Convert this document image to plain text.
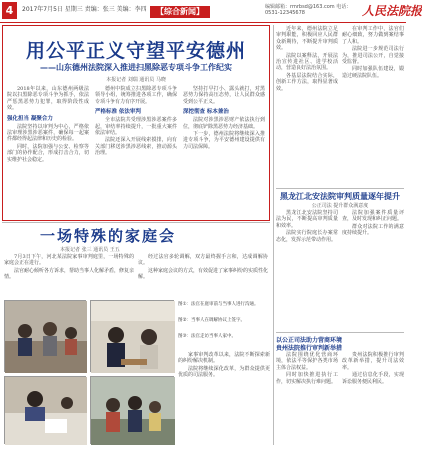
4	2017年7月5日 星期三 责编：张三 美编：李四	【综合新闻】	编辑邮箱：rmrbsd@163.com 电话：0531-12345678	人民法院报
用公平正义守望平安德州
——山东德州法院深入推进扫黑除恶专项斗争工作纪实
本报记者 刘瑞 通讯员 马晓

2018年以来，山东德州两级法院以扫黑除恶专项斗争为抓手，依法严惩黑恶势力犯罪，取得阶段性成效。

强化担当 凝聚合力

法院坚持以审判为中心，严格依法审理涉黑涉恶案件，确保每一起案件都经得起法律和历史的检验。

同时，法院加强与公安、检察等部门的协作配合，形成打击合力，切实维护社会稳定。

德州中院成立扫黑除恶专项斗争领导小组，统筹推进各项工作，确保专项斗争有力有序开展。

严格标准 依法审判

全市法院共受理涉黑涉恶案件多起，审结率持续提升，一批重大案件依法审结。

法院还深入开展线索摸排，向有关部门移送涉黑涉恶线索，推动源头治理。

坚持打早打小、露头就打，对黑恶势力保持高压态势，让人民群众感受到公平正义。

深挖彻查 标本兼治

法院对涉黑涉恶财产依法执行到位，彻底铲除黑恶势力经济基础。

下一步，德州法院将继续深入推进专项斗争，为平安德州建设提供有力司法保障。

近年来，德州法院立足审判职能，积极回应人民群众新期待，不断提升审判质效。

法院以案释法，开展法治宣传进社区、进学校活动，营造良好法治氛围。

各基层法院结合实际，创新工作方法，取得显著成效。

在审判工作中，法官们耐心细致，努力做到案结事了人和。

法院进一步规范司法行为，推进司法公开，自觉接受监督。

同时加强队伍建设，锻造过硬法院队伍。

黑龙江北安法院审判质量逐年提升
公正司法 提升群众满意度

黑龙江北安法院坚持司法为民，不断提高审判质量和效率。

法院实行院庭长办案常态化，发挥示范带动作用。

法院加强案件质量评查，及时发现和纠正问题。

群众对法院工作的满意度持续提升。

以公正司法助力营商环境
贵州法院推行审判新举措

法院围绕优化营商环境，依法平等保护各类市场主体合法权益。

同时加快推进执行工作，切实解决执行难问题。

贵州法院积极推行审判改革新举措，提升司法效率。

通过信息化手段，实现诉讼服务便民利民。

一场特殊的家庭会
本报记者 张三 通讯员 王五

7月3日下午，河北某法院家事审判庭里，一场特殊的家庭会正在进行。

法官耐心倾听各方诉求，帮助当事人化解矛盾，修复亲情。

经过法官多轮调解，双方最终握手言和，达成调解协议。

这种家庭会议的方式，有效促进了家事纠纷的实质性化解。

图①：法官在庭审前与当事人进行沟通。
图②：当事人在调解协议上签字。
图③：法官走访当事人家中。

家事审判改革以来，法院不断探索新的纠纷解决机制。

法院将继续深化改革，为群众提供更优质的司法服务。
